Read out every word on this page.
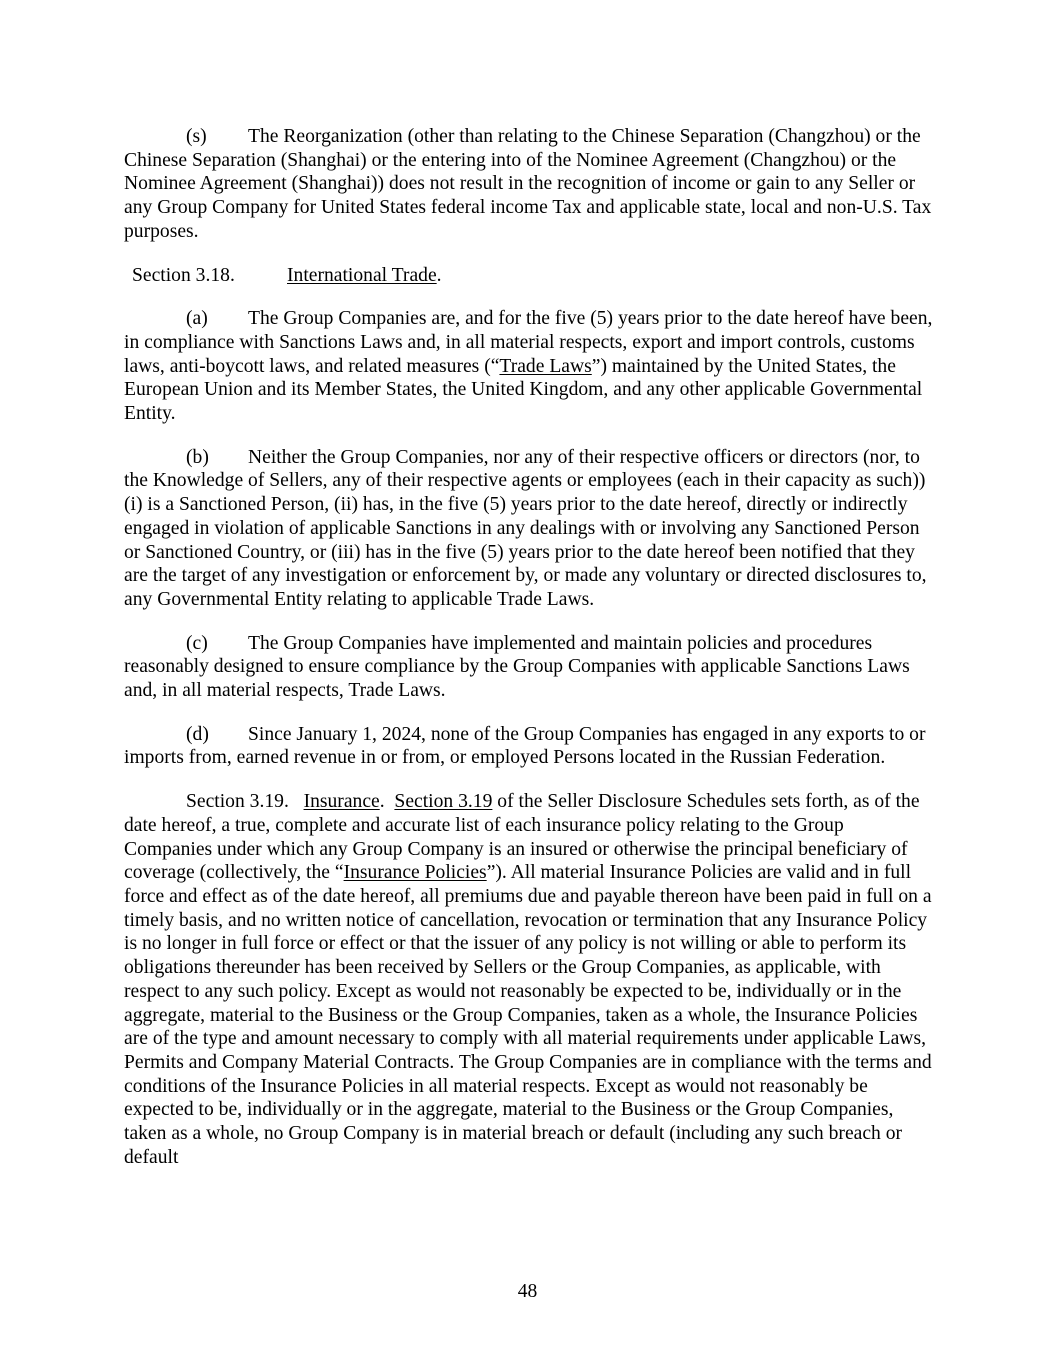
(s) The Reorganization (other than relating to the Chinese Separation (Changzhou) or the Chinese Separation (Shanghai) or the entering into of the Nominee Agreement (Changzhou) or the Nominee Agreement (Shanghai)) does not result in the recognition of income or gain to any Seller or any Group Company for United States federal income Tax and applicable state, local and non-U.S. Tax purposes.

Section 3.18.	International Trade.

(a) The Group Companies are, and for the five (5) years prior to the date hereof have been, in compliance with Sanctions Laws and, in all material respects, export and import controls, customs laws, anti-boycott laws, and related measures (“Trade Laws”) maintained by the United States, the European Union and its Member States, the United Kingdom, and any other applicable Governmental Entity.

(b) Neither the Group Companies, nor any of their respective officers or directors (nor, to the Knowledge of Sellers, any of their respective agents or employees (each in their capacity as such)) (i) is a Sanctioned Person, (ii) has, in the five (5) years prior to the date hereof, directly or indirectly engaged in violation of applicable Sanctions in any dealings with or involving any Sanctioned Person or Sanctioned Country, or (iii) has in the five (5) years prior to the date hereof been notified that they are the target of any investigation or enforcement by, or made any voluntary or directed disclosures to, any Governmental Entity relating to applicable Trade Laws.

(c) The Group Companies have implemented and maintain policies and procedures reasonably designed to ensure compliance by the Group Companies with applicable Sanctions Laws and, in all material respects, Trade Laws.

(d) Since January 1, 2024, none of the Group Companies has engaged in any exports to or imports from, earned revenue in or from, or employed Persons located in the Russian Federation.

Section 3.19. Insurance. Section 3.19 of the Seller Disclosure Schedules sets forth, as of the date hereof, a true, complete and accurate list of each insurance policy relating to the Group Companies under which any Group Company is an insured or otherwise the principal beneficiary of coverage (collectively, the “Insurance Policies”). All material Insurance Policies are valid and in full force and effect as of the date hereof, all premiums due and payable thereon have been paid in full on a timely basis, and no written notice of cancellation, revocation or termination that any Insurance Policy is no longer in full force or effect or that the issuer of any policy is not willing or able to perform its obligations thereunder has been received by Sellers or the Group Companies, as applicable, with respect to any such policy. Except as would not reasonably be expected to be, individually or in the aggregate, material to the Business or the Group Companies, taken as a whole, the Insurance Policies are of the type and amount necessary to comply with all material requirements under applicable Laws, Permits and Company Material Contracts. The Group Companies are in compliance with the terms and conditions of the Insurance Policies in all material respects. Except as would not reasonably be expected to be, individually or in the aggregate, material to the Business or the Group Companies, taken as a whole, no Group Company is in material breach or default (including any such breach or default

48
